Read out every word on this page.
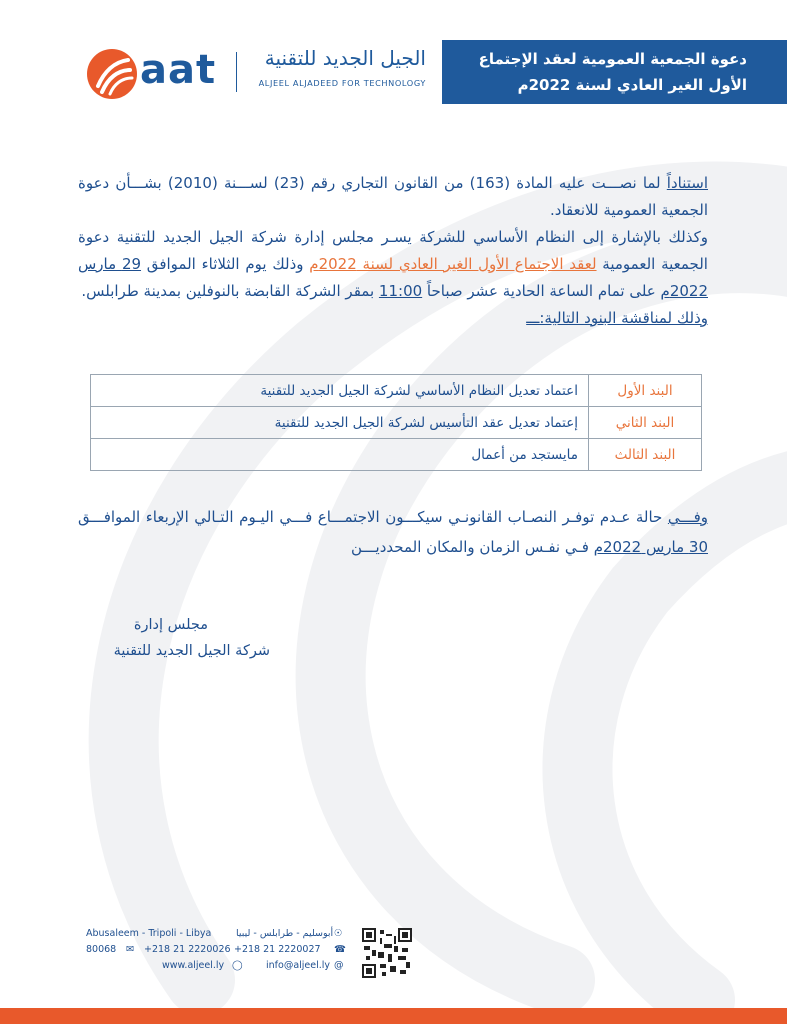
دعوة الجمعية العمومية لعقد الإجتماع
الأول الغير العادي لسنة 2022م
aat	الجيل الجديد للتقنية
ALJEEL ALJADEED FOR TECHNOLOGY

استناداً لما نصـــت عليه المادة (163) من القانون التجاري رقم (23) لســـنة (2010) بشـــأن دعوة الجمعية العمومية للانعقاد.

وكذلك بالإشارة إلى النظام الأساسي للشركة يسـر مجلس إدارة شركة الجيل الجديد للتقنية دعوة الجمعية العمومية لعقد الاجتماع الأول الغير العادي لسنة 2022م وذلك يوم الثلاثاء الموافق 29 مارس 2022م على تمام الساعة الحادية عشر صباحاً 11:00 بمقر الشركة القابضة بالنوفلين بمدينة طرابلس.

وذلك لمناقشة البنود التالية:ـــ

البند الأول	اعتماد تعديل النظام الأساسي لشركة الجيل الجديد للتقنية
البند الثاني	إعتماد تعديل عقد التأسيس لشركة الجيل الجديد للتقنية
البند الثالث	مايستجد من أعمال

وفـــي حالة عـدم توفـر النصـاب القانونـي سيكـــون الاجتمـــاع فـــي اليـوم التـالي الإربعاء الموافـــق 30 مارس 2022م فـي نفـس الزمان والمكان المحدديـــن

مجلس إدارة
شركة الجيل الجديد للتقنية
Abusaleem - Tripoli - Libya	أبوسليم - طرابلس - ليبيا ☉
80068 ✉ +218 21 2220026 +218 21 2220027 ☎
www.aljeel.ly ◯ info@aljeel.ly @
